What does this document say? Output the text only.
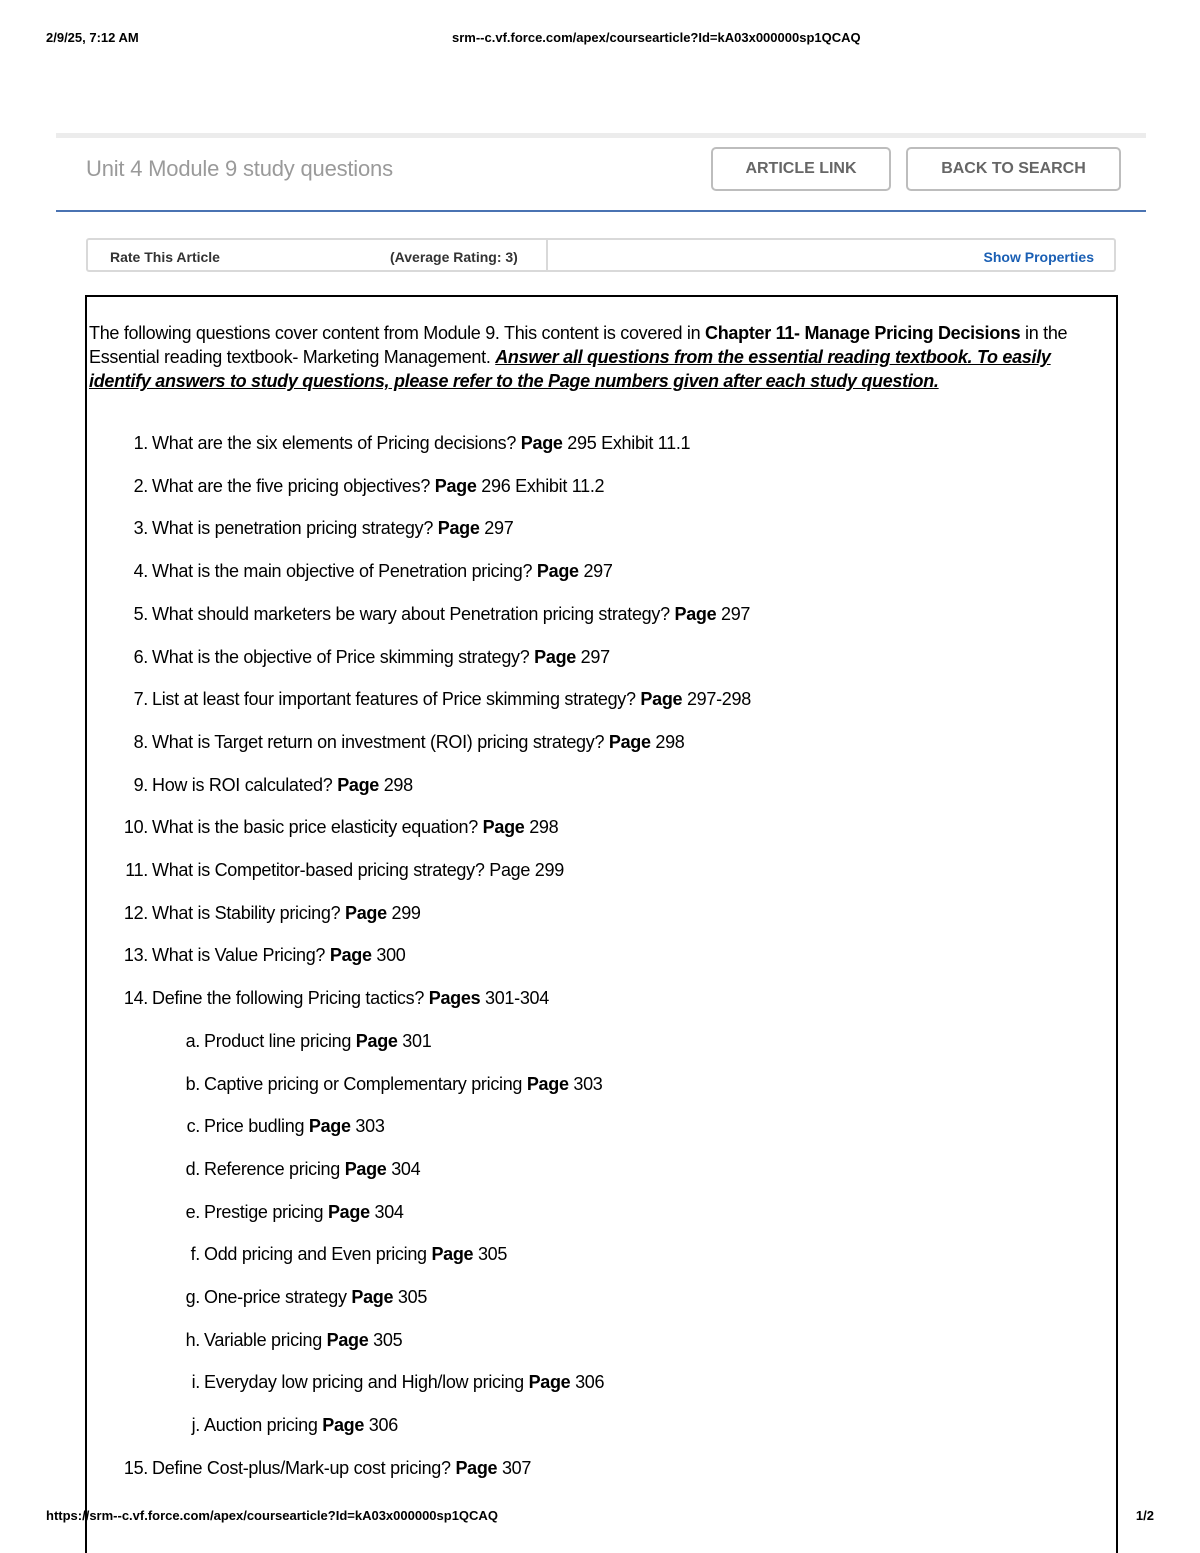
2/9/25, 7:12 AM	srm--c.vf.force.com/apex/coursearticle?Id=kA03x000000sp1QCAQ
Unit 4 Module 9 study questions	ARTICLE LINK	BACK TO SEARCH
Rate This Article	(Average Rating: 3)	Show Properties
The following questions cover content from Module 9. This content is covered in Chapter 11- Manage Pricing Decisions in the Essential reading textbook- Marketing Management. Answer all questions from the essential reading textbook. To easily identify answers to study questions, please refer to the Page numbers given after each study question.
1. What are the six elements of Pricing decisions? Page 295 Exhibit 11.1
2. What are the five pricing objectives? Page 296 Exhibit 11.2
3. What is penetration pricing strategy? Page 297
4. What is the main objective of Penetration pricing? Page 297
5. What should marketers be wary about Penetration pricing strategy? Page 297
6. What is the objective of Price skimming strategy? Page 297
7. List at least four important features of Price skimming strategy? Page 297-298
8. What is Target return on investment (ROI) pricing strategy? Page 298
9. How is ROI calculated? Page 298
10. What is the basic price elasticity equation? Page 298
11. What is Competitor-based pricing strategy? Page 299
12. What is Stability pricing? Page 299
13. What is Value Pricing? Page 300
14. Define the following Pricing tactics? Pages 301-304
a. Product line pricing Page 301
b. Captive pricing or Complementary pricing Page 303
c. Price budling Page 303
d. Reference pricing Page 304
e. Prestige pricing Page 304
f. Odd pricing and Even pricing Page 305
g. One-price strategy Page 305
h. Variable pricing Page 305
i. Everyday low pricing and High/low pricing Page 306
j. Auction pricing Page 306
15. Define Cost-plus/Mark-up cost pricing? Page 307
https://srm--c.vf.force.com/apex/coursearticle?Id=kA03x000000sp1QCAQ	1/2
